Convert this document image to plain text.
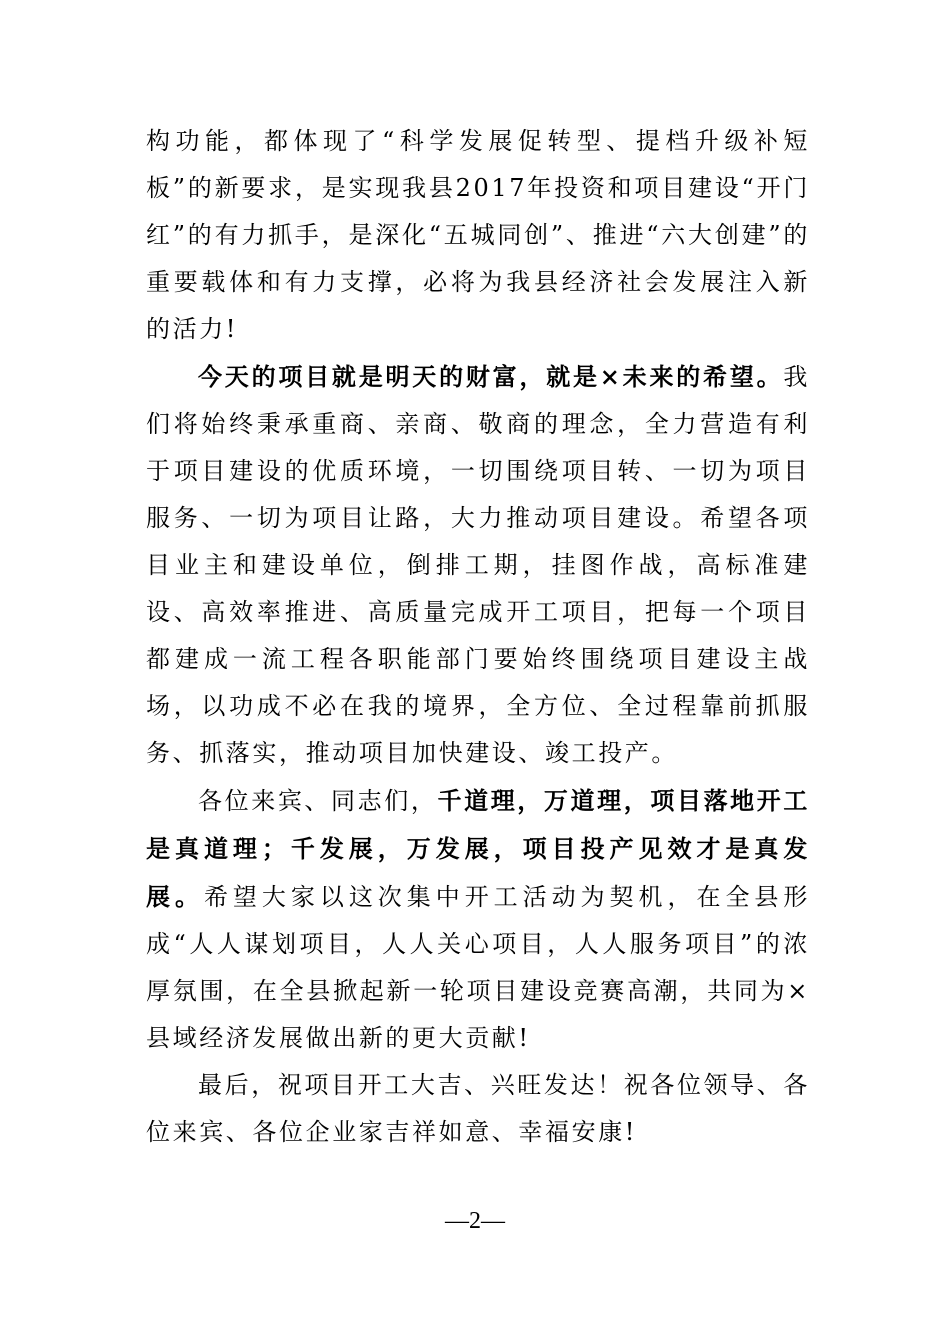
构功能，都体现了“科学发展促转型、提档升级补短板”的新要求，是实现我县2017年投资和项目建设“开门红”的有力抓手，是深化“五城同创”、推进“六大创建”的重要载体和有力支撑，必将为我县经济社会发展注入新的活力!

今天的项目就是明天的财富，就是×未来的希望。我们将始终秉承重商、亲商、敬商的理念，全力营造有利于项目建设的优质环境，一切围绕项目转、一切为项目服务、一切为项目让路，大力推动项目建设。希望各项目业主和建设单位，倒排工期，挂图作战，高标准建设、高效率推进、高质量完成开工项目，把每一个项目都建成一流工程各职能部门要始终围绕项目建设主战场，以功成不必在我的境界，全方位、全过程靠前抓服务、抓落实，推动项目加快建设、竣工投产。

各位来宾、同志们，千道理，万道理，项目落地开工是真道理；千发展，万发展，项目投产见效才是真发展。希望大家以这次集中开工活动为契机，在全县形成“人人谋划项目，人人关心项目，人人服务项目”的浓厚氛围，在全县掀起新一轮项目建设竞赛高潮，共同为×县域经济发展做出新的更大贡献!

最后，祝项目开工大吉、兴旺发达！祝各位领导、各位来宾、各位企业家吉祥如意、幸福安康!

—2—
